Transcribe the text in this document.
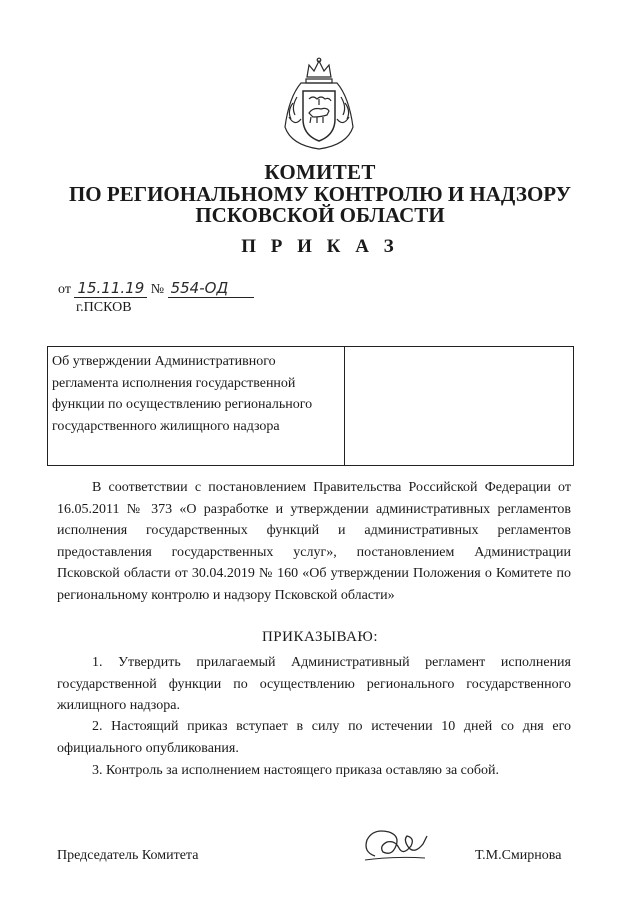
КОМИТЕТ
ПО РЕГИОНАЛЬНОМУ КОНТРОЛЮ И НАДЗОРУ
ПСКОВСКОЙ ОБЛАСТИ
П Р И К А З
от 15.11.19 № 554-ОД
г.ПСКОВ
Об утверждении Административного регламента исполнения государственной функции по осуществлению регионального государственного жилищного надзора
В соответствии с постановлением Правительства Российской Федерации от 16.05.2011 № 373 «О разработке и утверждении административных регламентов исполнения государственных функций и административных регламентов предоставления государственных услуг», постановлением Администрации Псковской области от 30.04.2019 № 160 «Об утверждении Положения о Комитете по региональному контролю и надзору Псковской области»
ПРИКАЗЫВАЮ:
1. Утвердить прилагаемый Административный регламент исполнения государственной функции по осуществлению регионального государственного жилищного надзора.
2. Настоящий приказ вступает в силу по истечении 10 дней со дня его официального опубликования.
3. Контроль за исполнением настоящего приказа оставляю за собой.
Председатель Комитета	Т.М.Смирнова
